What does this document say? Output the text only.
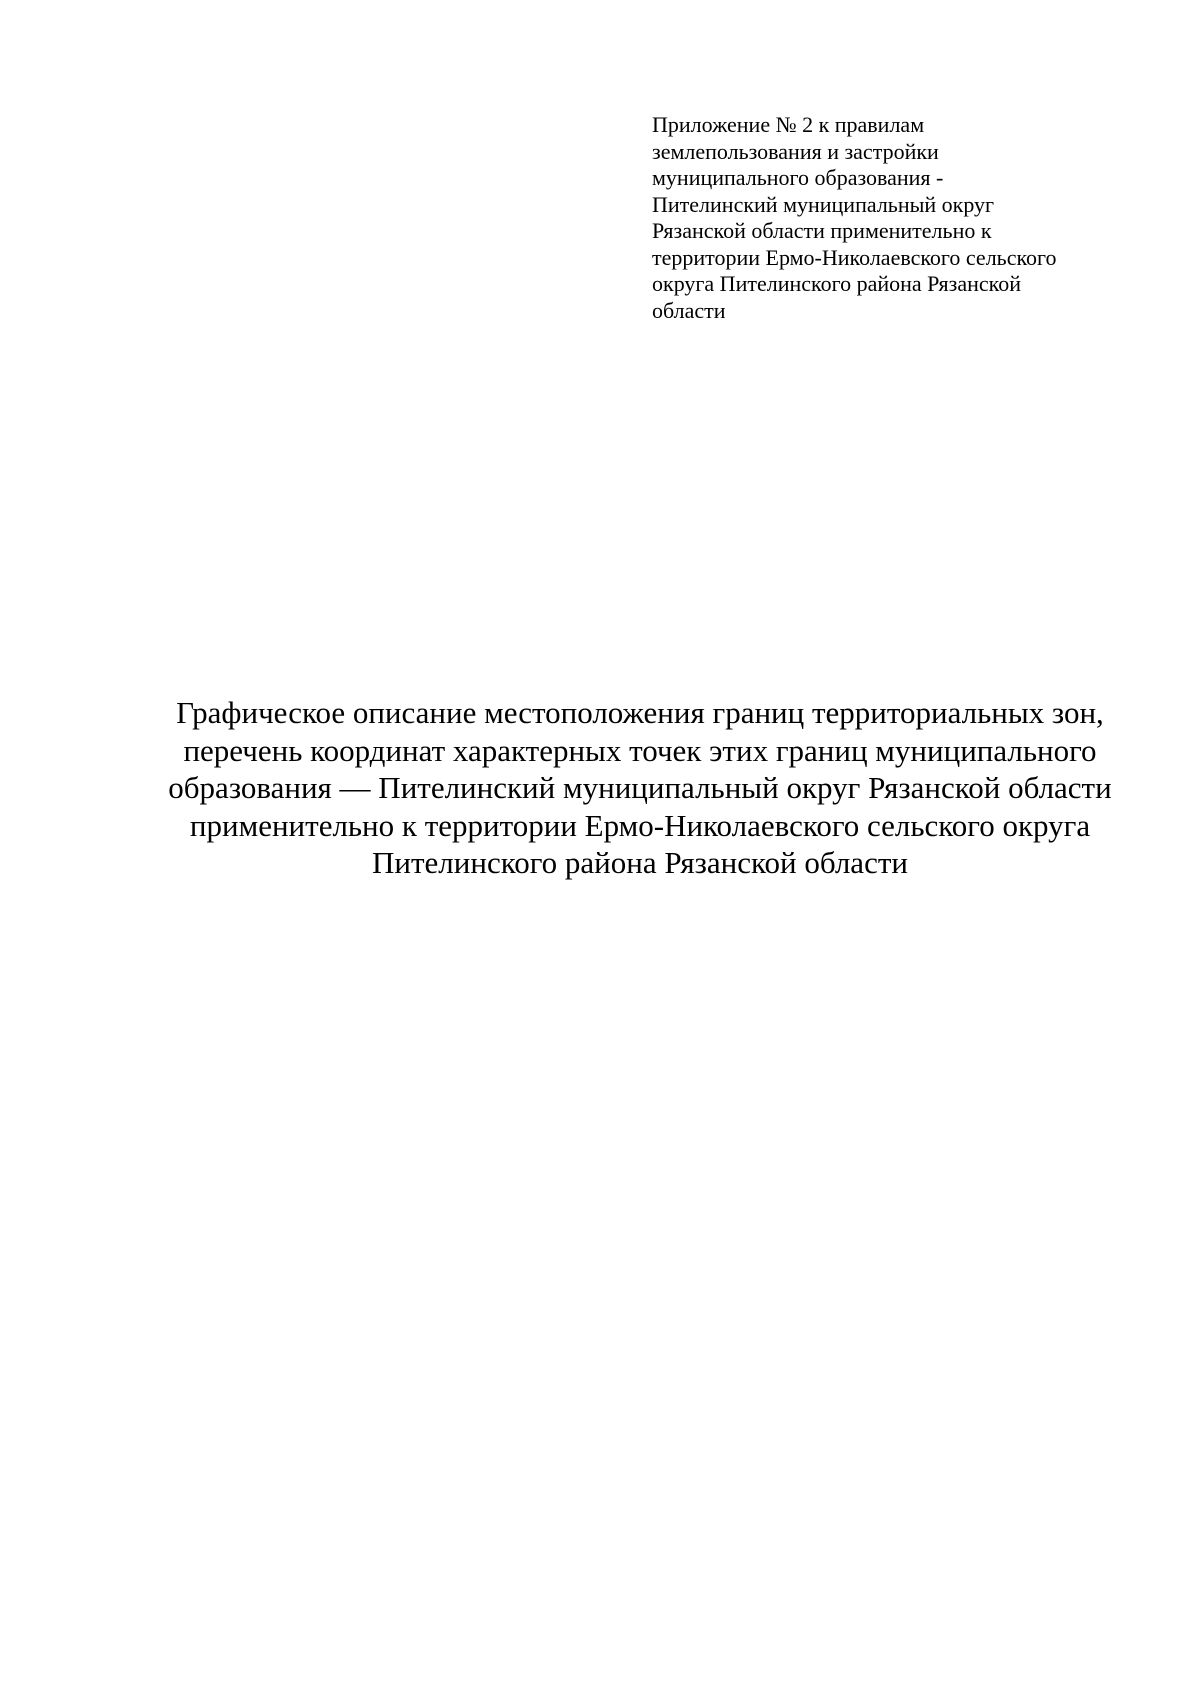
Приложение № 2 к правилам
землепользования и застройки
муниципального образования -
Пителинский муниципальный округ
Рязанской области применительно к
территории Ермо-Николаевского сельского
округа Пителинского района Рязанской
области
Графическое описание местоположения границ территориальных зон,
перечень координат характерных точек этих границ муниципального
образования — Пителинский муниципальный округ Рязанской области
применительно к территории Ермо-Николаевского сельского округа
Пителинского района Рязанской области
